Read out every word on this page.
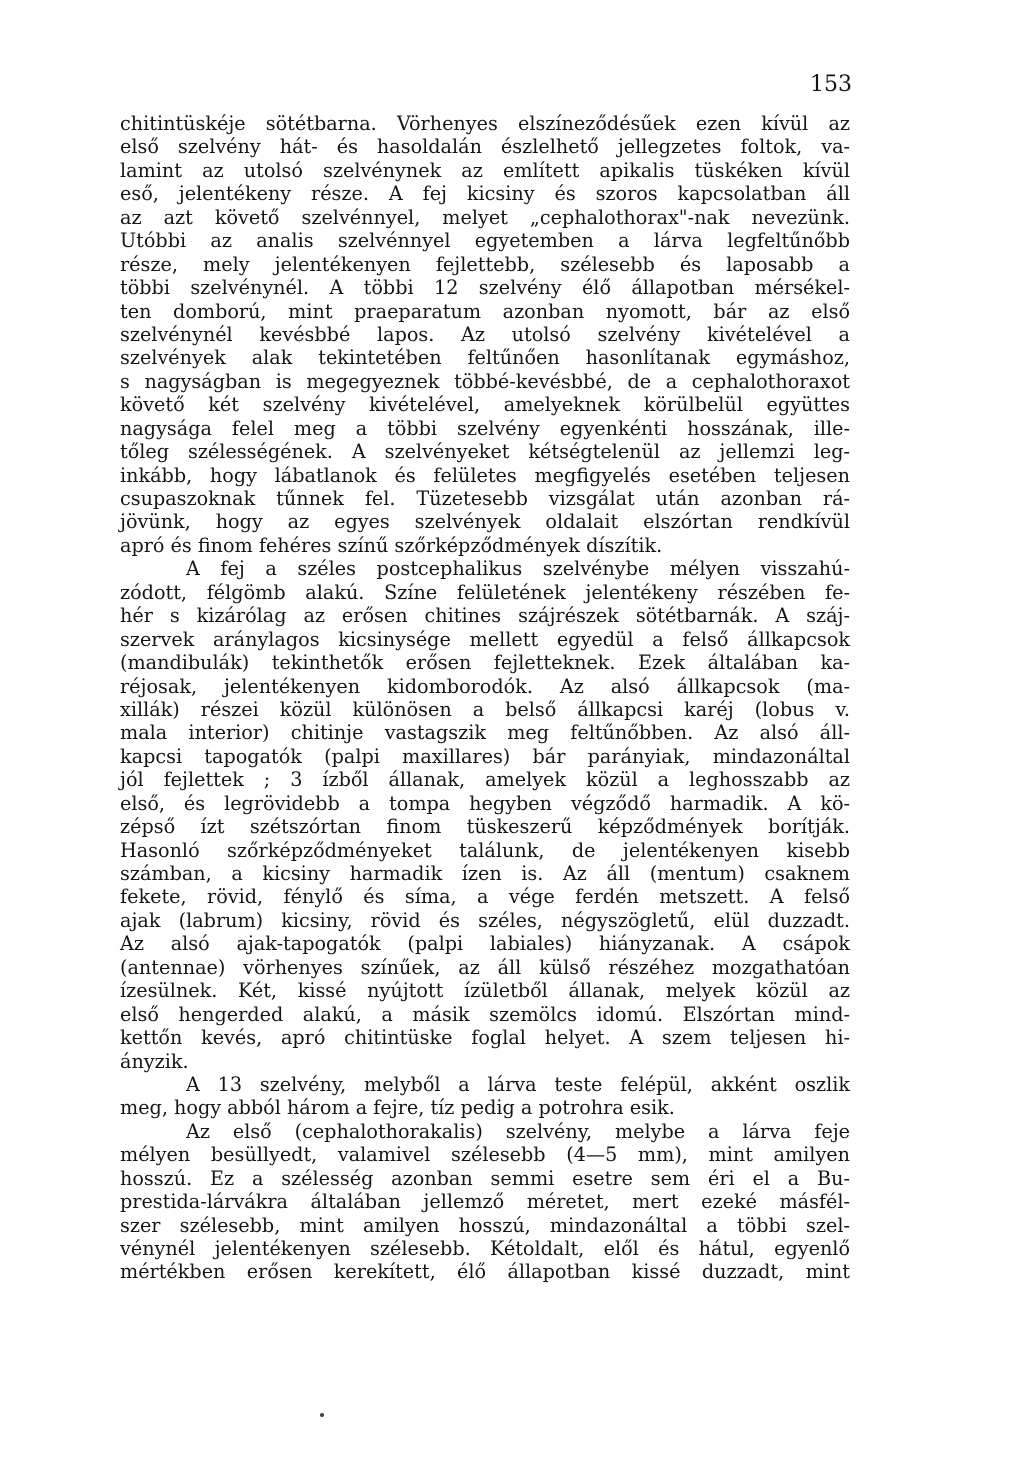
153
chitintüskéje sötétbarna. Vörhenyes elszíneződésűek ezen kívül az
első szelvény hát- és hasoldalán észlelhető jellegzetes foltok, va-
lamint az utolsó szelvénynek az említett apikalis tüskéken kívül
eső, jelentékeny része. A fej kicsiny és szoros kapcsolatban áll
az azt követő szelvénnyel, melyet „cephalothorax"-nak nevezünk.
Utóbbi az analis szelvénnyel egyetemben a lárva legfeltűnőbb
része, mely jelentékenyen fejlettebb, szélesebb és laposabb a
többi szelvénynél. A többi 12 szelvény élő állapotban mérsékel-
ten domború, mint praeparatum azonban nyomott, bár az első
szelvénynél kevésbbé lapos. Az utolsó szelvény kivételével a
szelvények alak tekintetében feltűnően hasonlítanak egymáshoz,
s nagyságban is megegyeznek többé-kevésbbé, de a cephalothoraxot
követő két szelvény kivételével, amelyeknek körülbelül együttes
nagysága felel meg a többi szelvény egyenkénti hosszának, ille-
tőleg szélességének. A szelvényeket kétségtelenül az jellemzi leg-
inkább, hogy lábatlanok és felületes megfigyelés esetében teljesen
csupaszoknak tűnnek fel. Tüzetesebb vizsgálat után azonban rá-
jövünk, hogy az egyes szelvények oldalait elszórtan rendkívül
apró és finom fehéres színű szőrképződmények díszítik.
A fej a széles postcephalikus szelvénybe mélyen visszahú-
zódott, félgömb alakú. Színe felületének jelentékeny részében fe-
hér s kizárólag az erősen chitines szájrészek sötétbarnák. A száj-
szervek aránylagos kicsinysége mellett egyedül a felső állkapcsok
(mandibulák) tekinthetők erősen fejletteknek. Ezek általában ka-
réjosak, jelentékenyen kidomborodók. Az alsó állkapcsok (ma-
xillák) részei közül különösen a belső állkapcsi karéj (lobus v.
mala interior) chitinje vastagszik meg feltűnőbben. Az alsó áll-
kapcsi tapogatók (palpi maxillares) bár parányiak, mindazonáltal
jól fejlettek ; 3 ízből állanak, amelyek közül a leghosszabb az
első, és legrövidebb a tompa hegyben végződő harmadik. A kö-
zépső ízt szétszórtan finom tüskeszerű képződmények borítják.
Hasonló szőrképződményeket találunk, de jelentékenyen kisebb
számban, a kicsiny harmadik ízen is. Az áll (mentum) csaknem
fekete, rövid, fénylő és síma, a vége ferdén metszett. A felső
ajak (labrum) kicsiny, rövid és széles, négyszögletű, elül duzzadt.
Az alsó ajak-tapogatók (palpi labiales) hiányzanak. A csápok
(antennae) vörhenyes színűek, az áll külső részéhez mozgathatóan
ízesülnek. Két, kissé nyújtott ízületből állanak, melyek közül az
első hengerded alakú, a másik szemölcs idomú. Elszórtan mind-
kettőn kevés, apró chitintüske foglal helyet. A szem teljesen hi-
ányzik.
A 13 szelvény, melyből a lárva teste felépül, akként oszlik
meg, hogy abból három a fejre, tíz pedig a potrohra esik.
Az első (cephalothorakalis) szelvény, melybe a lárva feje
mélyen besüllyedt, valamivel szélesebb (4—5 mm), mint amilyen
hosszú. Ez a szélesség azonban semmi esetre sem éri el a Bu-
prestida-lárvákra általában jellemző méretet, mert ezeké másfél-
szer szélesebb, mint amilyen hosszú, mindazonáltal a többi szel-
vénynél jelentékenyen szélesebb. Kétoldalt, elől és hátul, egyenlő
mértékben erősen kerekített, élő állapotban kissé duzzadt, mint
